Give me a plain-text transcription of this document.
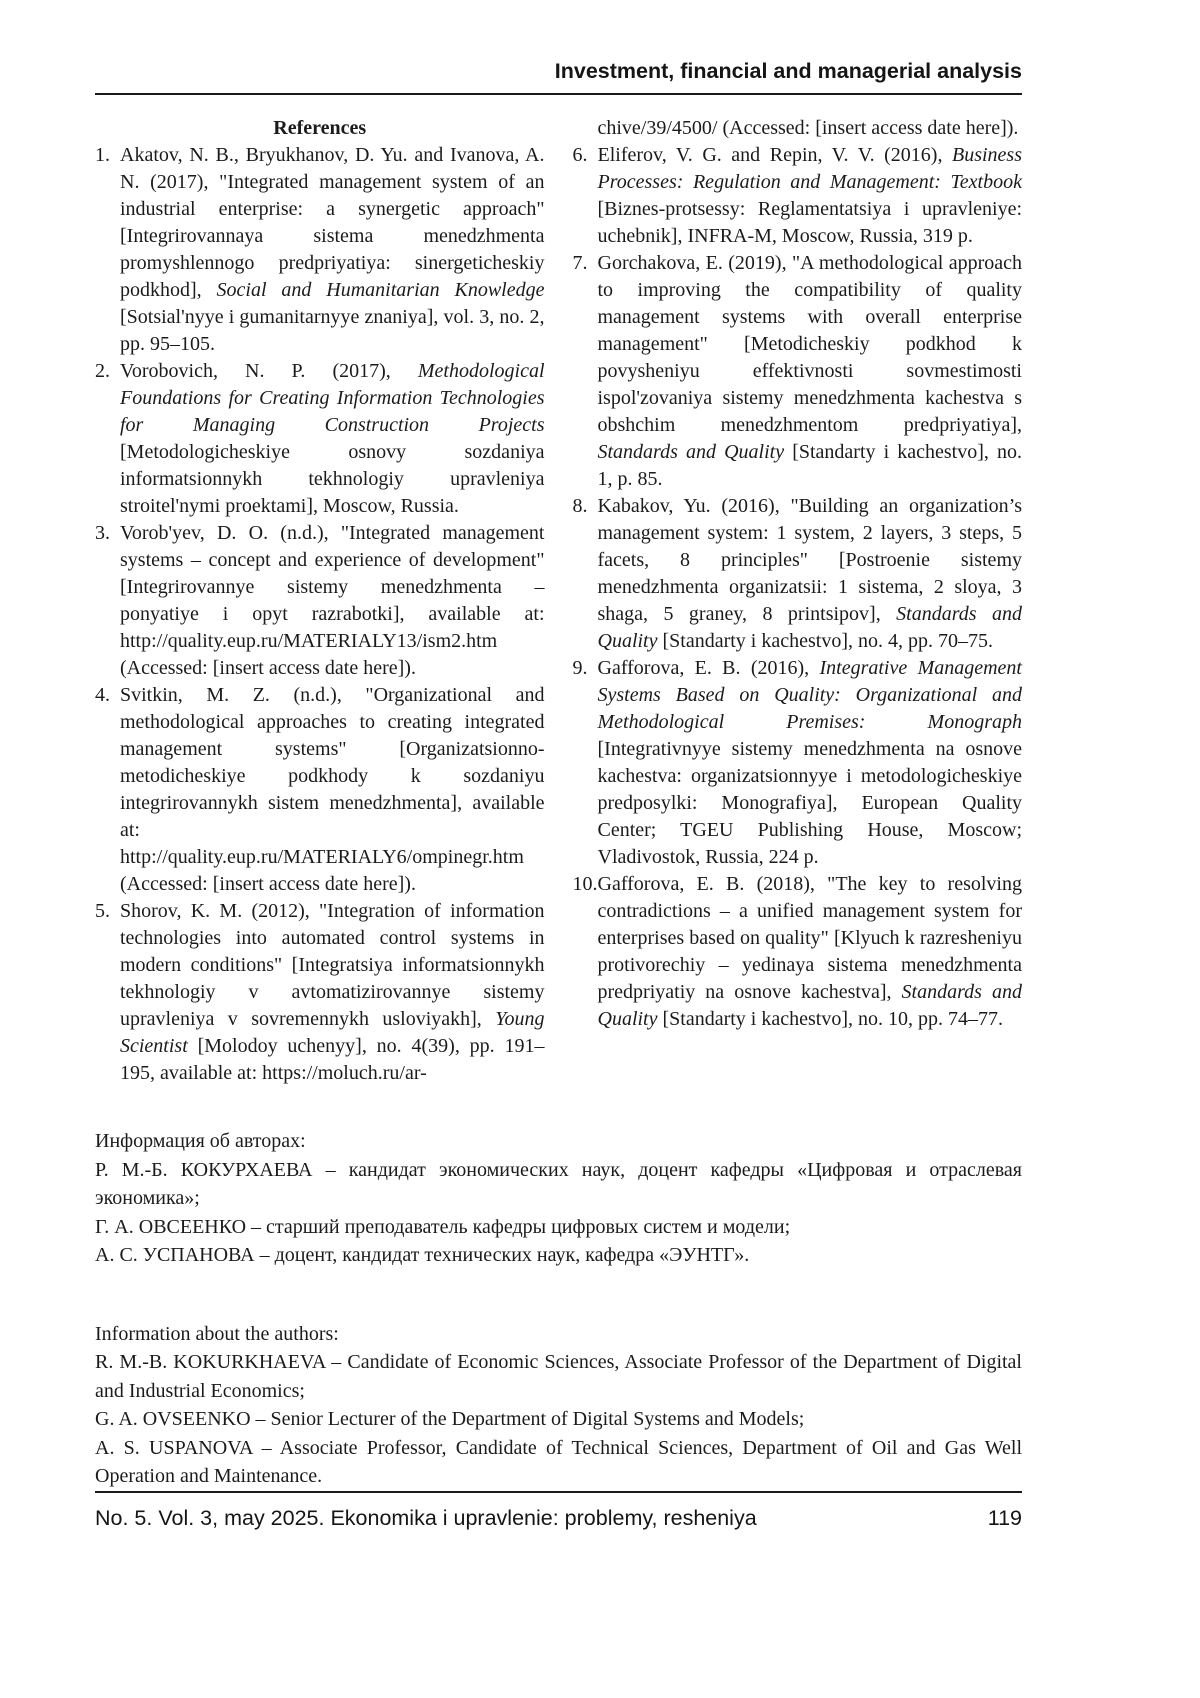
Investment, financial and managerial analysis
References
1. Akatov, N. B., Bryukhanov, D. Yu. and Ivanova, A. N. (2017), "Integrated management system of an industrial enterprise: a synergetic approach" [Integrirovannaya sistema menedzhmenta promyshlennogo predpriyatiya: sinergeticheskiy podkhod], Social and Humanitarian Knowledge [Sotsial'nyye i gumanitarnyye znaniya], vol. 3, no. 2, pp. 95–105.
2. Vorobovich, N. P. (2017), Methodological Foundations for Creating Information Technologies for Managing Construction Projects [Metodologicheskiye osnovy sozdaniya informatsionnykh tekhnologiy upravleniya stroitel'nymi proektami], Moscow, Russia.
3. Vorob'yev, D. O. (n.d.), "Integrated management systems – concept and experience of development" [Integrirovannye sistemy menedzhmenta – ponyatiye i opyt razrabotki], available at: http://quality.eup.ru/MATERIALY13/ism2.htm (Accessed: [insert access date here]).
4. Svitkin, M. Z. (n.d.), "Organizational and methodological approaches to creating integrated management systems" [Organizatsionno-metodicheskiye podkhody k sozdaniyu integrirovannykh sistem menedzhmenta], available at: http://quality.eup.ru/MATERIALY6/ompinegr.htm (Accessed: [insert access date here]).
5. Shorov, K. M. (2012), "Integration of information technologies into automated control systems in modern conditions" [Integratsiya informatsionnykh tekhnologiy v avtomatizirovannye sistemy upravleniya v sovremennykh usloviyakh], Young Scientist [Molodoy uchenyy], no. 4(39), pp. 191–195, available at: https://moluch.ru/ar-
chive/39/4500/ (Accessed: [insert access date here]).
6. Eliferov, V. G. and Repin, V. V. (2016), Business Processes: Regulation and Management: Textbook [Biznes-protsessy: Reglamentatsiya i upravleniye: uchebnik], INFRA-M, Moscow, Russia, 319 p.
7. Gorchakova, E. (2019), "A methodological approach to improving the compatibility of quality management systems with overall enterprise management" [Metodicheskiy podkhod k povysheniyu effektivnosti sovmestimosti ispol'zovaniya sistemy menedzhmenta kachestva s obshchim menedzhmentom predpriyatiya], Standards and Quality [Standarty i kachestvo], no. 1, p. 85.
8. Kabakov, Yu. (2016), "Building an organization’s management system: 1 system, 2 layers, 3 steps, 5 facets, 8 principles" [Postroenie sistemy menedzhmenta organizatsii: 1 sistema, 2 sloya, 3 shaga, 5 graney, 8 printsipov], Standards and Quality [Standarty i kachestvo], no. 4, pp. 70–75.
9. Gafforova, E. B. (2016), Integrative Management Systems Based on Quality: Organizational and Methodological Premises: Monograph [Integrativnyye sistemy menedzhmenta na osnove kachestva: organizatsionnyye i metodologicheskiye predposylki: Monografiya], European Quality Center; TGEU Publishing House, Moscow; Vladivostok, Russia, 224 p.
10. Gafforova, E. B. (2018), "The key to resolving contradictions – a unified management system for enterprises based on quality" [Klyuch k razresheniyu protivorechiy – yedinaya sistema menedzhmenta predpriyatiy na osnove kachestva], Standards and Quality [Standarty i kachestvo], no. 10, pp. 74–77.

Информация об авторах:

Р. М.-Б. КОКУРХАЕВА – кандидат экономических наук, доцент кафедры «Цифровая и отраслевая экономика»;

Г. А. ОВСЕЕНКО – старший преподаватель кафедры цифровых систем и модели;

А. С. УСПАНОВА – доцент, кандидат технических наук, кафедра «ЭУНТГ».

Information about the authors:

R. M.-B. KOKURKHAEVA – Candidate of Economic Sciences, Associate Professor of the Department of Digital and Industrial Economics;

G. A. OVSEENKO – Senior Lecturer of the Department of Digital Systems and Models;

A. S. USPANOVA – Associate Professor, Candidate of Technical Sciences, Department of Oil and Gas Well Operation and Maintenance.

No. 5. Vol. 3, may 2025. Ekonomika i upravlenie: problemy, resheniya	119
